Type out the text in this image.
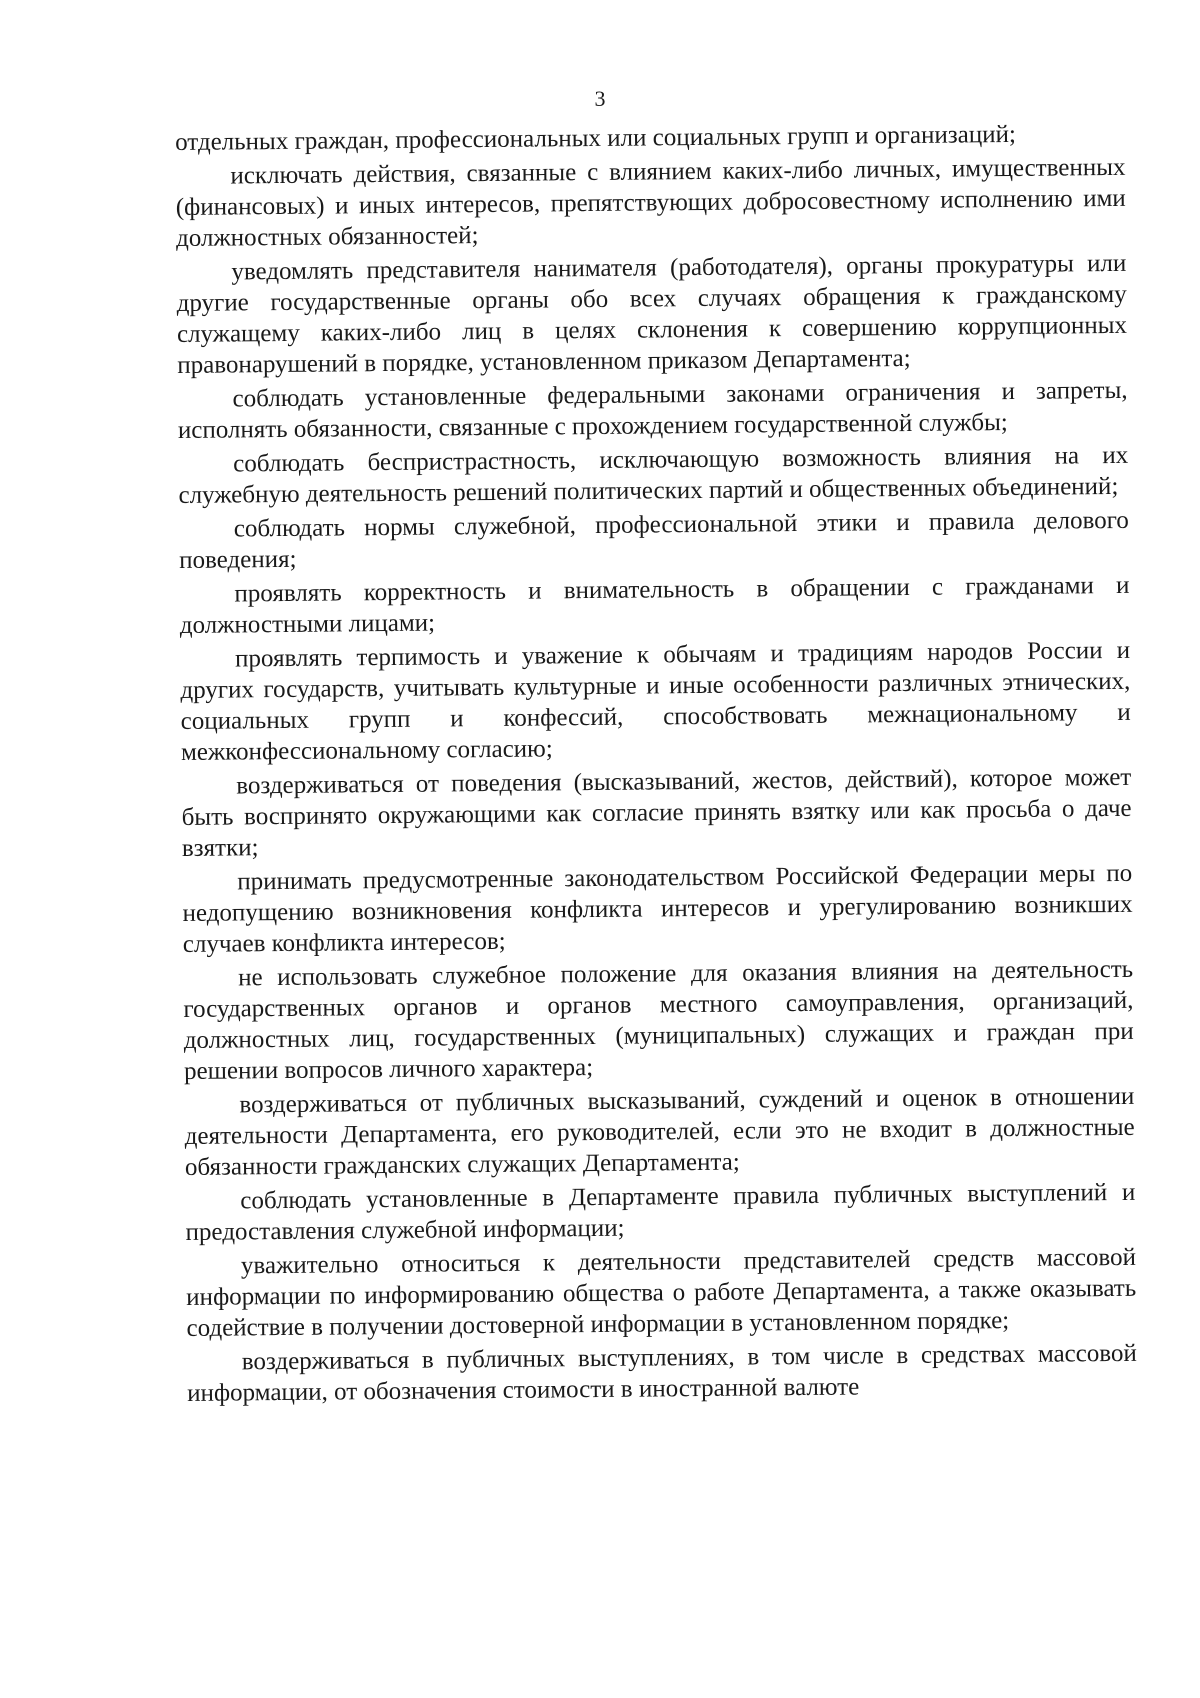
3

отдельных граждан, профессиональных или социальных групп и организаций;

исключать действия, связанные с влиянием каких-либо личных, имущественных (финансовых) и иных интересов, препятствующих добросовестному исполнению ими должностных обязанностей;

уведомлять представителя нанимателя (работодателя), органы прокуратуры или другие государственные органы обо всех случаях обращения к гражданскому служащему каких-либо лиц в целях склонения к совершению коррупционных правонарушений в порядке, установленном приказом Департамента;

соблюдать установленные федеральными законами ограничения и запреты, исполнять обязанности, связанные с прохождением государственной службы;

соблюдать беспристрастность, исключающую возможность влияния на их служебную деятельность решений политических партий и общественных объединений;

соблюдать нормы служебной, профессиональной этики и правила делового поведения;

проявлять корректность и внимательность в обращении с гражданами и должностными лицами;

проявлять терпимость и уважение к обычаям и традициям народов России и других государств, учитывать культурные и иные особенности различных этнических, социальных групп и конфессий, способствовать межнациональному и межконфессиональному согласию;

воздерживаться от поведения (высказываний, жестов, действий), которое может быть воспринято окружающими как согласие принять взятку или как просьба о даче взятки;

принимать предусмотренные законодательством Российской Федерации меры по недопущению возникновения конфликта интересов и урегулированию возникших случаев конфликта интересов;

не использовать служебное положение для оказания влияния на деятельность государственных органов и органов местного самоуправления, организаций, должностных лиц, государственных (муниципальных) служащих и граждан при решении вопросов личного характера;

воздерживаться от публичных высказываний, суждений и оценок в отношении деятельности Департамента, его руководителей, если это не входит в должностные обязанности гражданских служащих Департамента;

соблюдать установленные в Департаменте правила публичных выступлений и предоставления служебной информации;

уважительно относиться к деятельности представителей средств массовой информации по информированию общества о работе Департамента, а также оказывать содействие в получении достоверной информации в установленном порядке;

воздерживаться в публичных выступлениях, в том числе в средствах массовой информации, от обозначения стоимости в иностранной валюте
